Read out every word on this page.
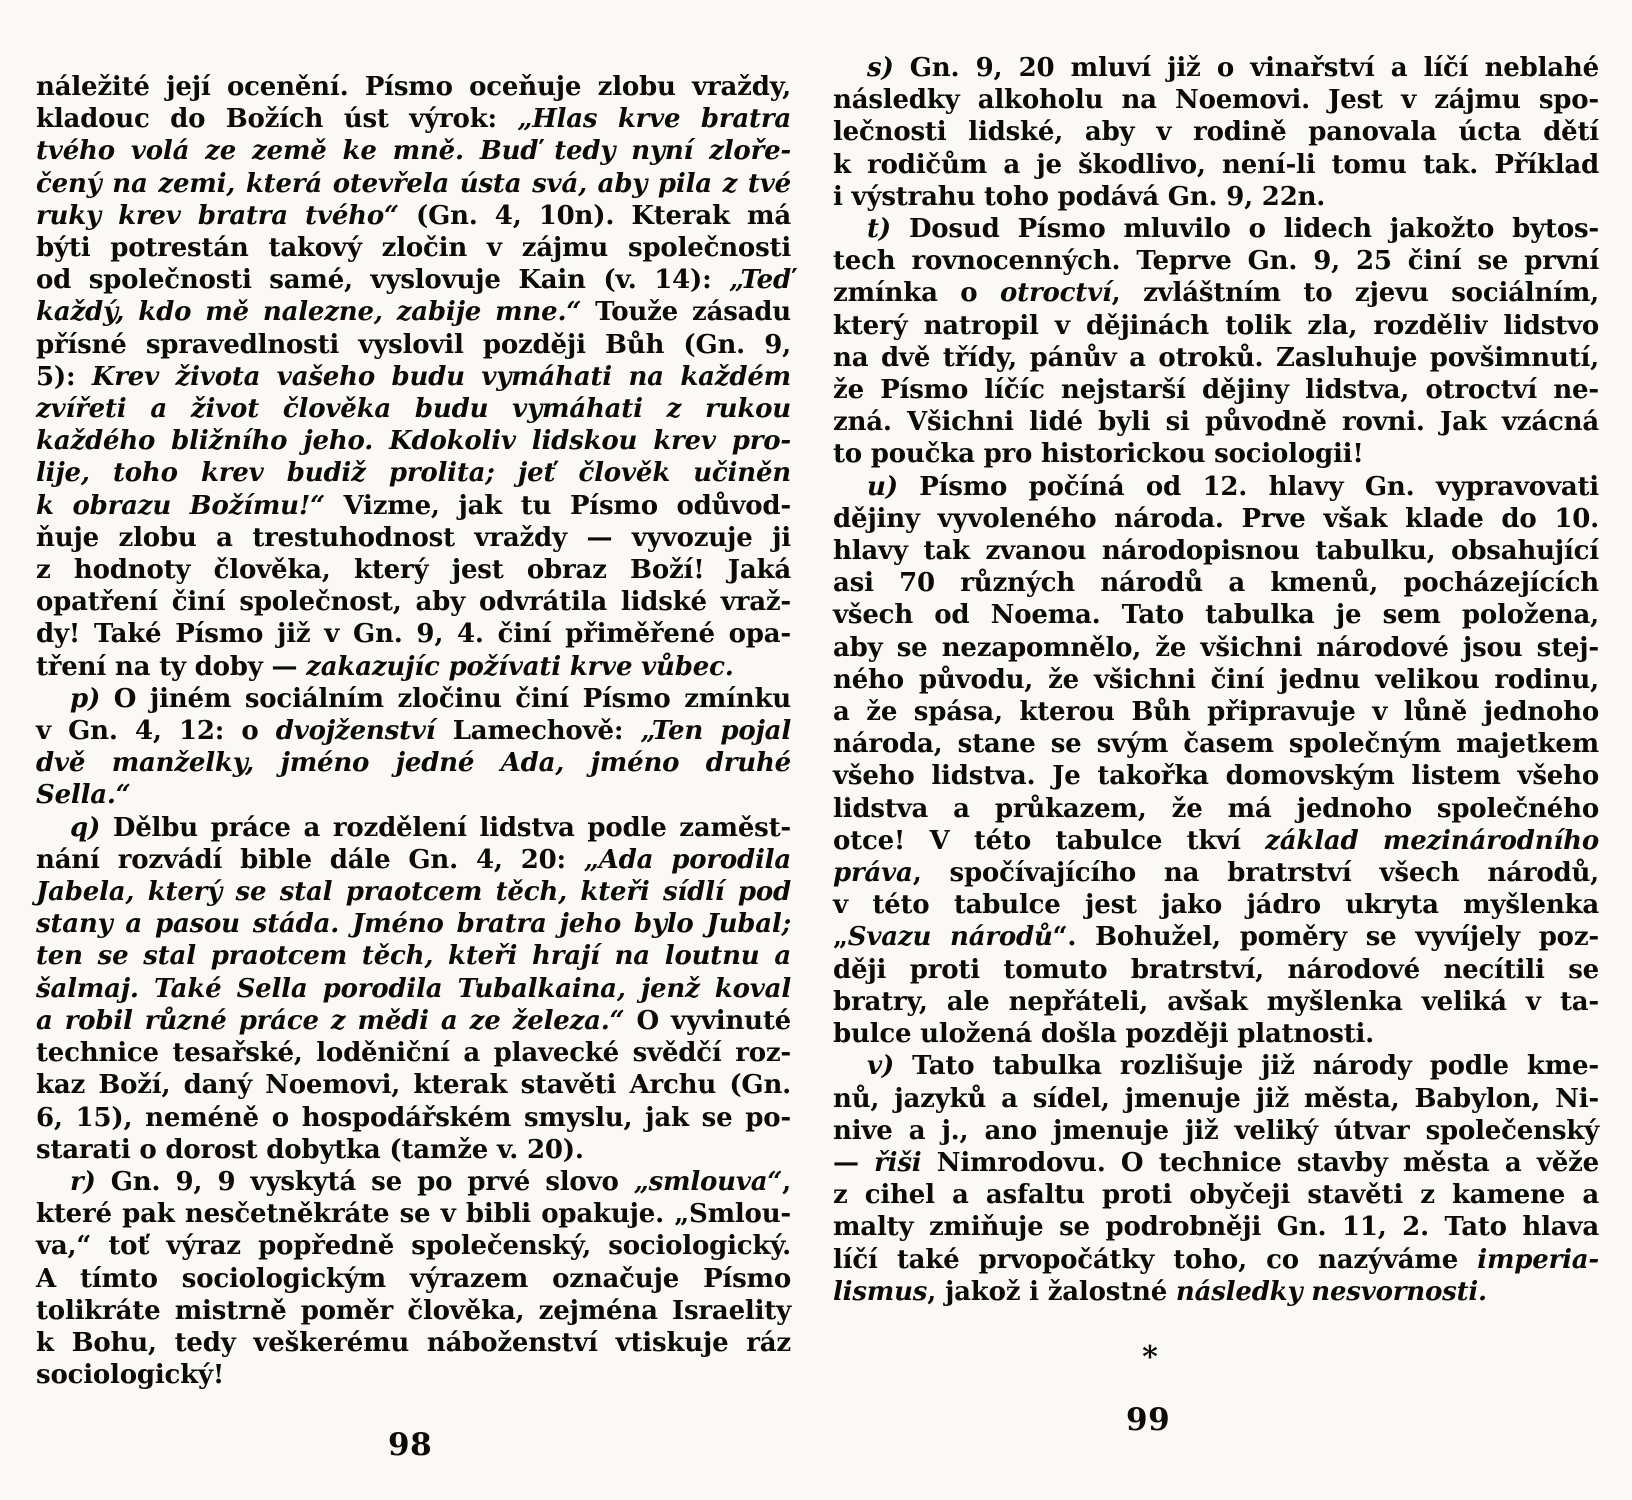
náležité její ocenění. Písmo oceňuje zlobu vraždy,
kladouc do Božích úst výrok: „Hlas krve bratra
tvého volá ze země ke mně. Buď tedy nyní zloře-
čený na zemi, která otevřela ústa svá, aby pila z tvé
ruky krev bratra tvého“ (Gn. 4, 10n). Kterak má
býti potrestán takový zločin v zájmu společnosti
od společnosti samé, vyslovuje Kain (v. 14): „Teď
každý, kdo mě nalezne, zabije mne.“ Touže zásadu
přísné spravedlnosti vyslovil později Bůh (Gn. 9,
5): Krev života vašeho budu vymáhati na každém
zvířeti a život člověka budu vymáhati z rukou
každého bližního jeho. Kdokoliv lidskou krev pro-
lije, toho krev budiž prolita; jeť člověk učiněn
k obrazu Božímu!“ Vizme, jak tu Písmo odůvod-
ňuje zlobu a trestuhodnost vraždy — vyvozuje ji
z hodnoty člověka, který jest obraz Boží! Jaká
opatření činí společnost, aby odvrátila lidské vraž-
dy! Také Písmo již v Gn. 9, 4. činí přiměřené opa-
tření na ty doby — zakazujíc požívati krve vůbec.
p) O jiném sociálním zločinu činí Písmo zmínku
v Gn. 4, 12: o dvojženství Lamechově: „Ten pojal
dvě manželky, jméno jedné Ada, jméno druhé
Sella.“
q) Dělbu práce a rozdělení lidstva podle zaměst-
nání rozvádí bible dále Gn. 4, 20: „Ada porodila
Jabela, který se stal praotcem těch, kteři sídlí pod
stany a pasou stáda. Jméno bratra jeho bylo Jubal;
ten se stal praotcem těch, kteři hrají na loutnu a
šalmaj. Také Sella porodila Tubalkaina, jenž koval
a robil různé práce z mědi a ze železa.“ O vyvinuté
technice tesařské, loděniční a plavecké svědčí roz-
kaz Boží, daný Noemovi, kterak stavěti Archu (Gn.
6, 15), neméně o hospodářském smyslu, jak se po-
starati o dorost dobytka (tamže v. 20).
r) Gn. 9, 9 vyskytá se po prvé slovo „smlouva“,
které pak nesčetněkráte se v bibli opakuje. „Smlou-
va,“ toť výraz popředně společenský, sociologický.
A tímto sociologickým výrazem označuje Písmo
tolikráte mistrně poměr člověka, zejména Israelity
k Bohu, tedy veškerému náboženství vtiskuje ráz
sociologický!
s) Gn. 9, 20 mluví již o vinařství a líčí neblahé
následky alkoholu na Noemovi. Jest v zájmu spo-
lečnosti lidské, aby v rodině panovala úcta dětí
k rodičům a je škodlivo, není-li tomu tak. Příklad
i výstrahu toho podává Gn. 9, 22n.
t) Dosud Písmo mluvilo o lidech jakožto bytos-
tech rovnocenných. Teprve Gn. 9, 25 činí se první
zmínka o otroctví, zvláštním to zjevu sociálním,
který natropil v dějinách tolik zla, rozděliv lidstvo
na dvě třídy, pánův a otroků. Zasluhuje povšimnutí,
že Písmo líčíc nejstarší dějiny lidstva, otroctví ne-
zná. Všichni lidé byli si původně rovni. Jak vzácná
to poučka pro historickou sociologii!
u) Písmo počíná od 12. hlavy Gn. vypravovati
dějiny vyvoleného národa. Prve však klade do 10.
hlavy tak zvanou národopisnou tabulku, obsahující
asi 70 různých národů a kmenů, pocházejících
všech od Noema. Tato tabulka je sem položena,
aby se nezapomnělo, že všichni národové jsou stej-
ného původu, že všichni činí jednu velikou rodinu,
a že spása, kterou Bůh připravuje v lůně jednoho
národa, stane se svým časem společným majetkem
všeho lidstva. Je takořka domovským listem všeho
lidstva a průkazem, že má jednoho společného
otce! V této tabulce tkví základ mezinárodního
práva, spočívajícího na bratrství všech národů,
v této tabulce jest jako jádro ukryta myšlenka
„Svazu národů“. Bohužel, poměry se vyvíjely poz-
ději proti tomuto bratrství, národové necítili se
bratry, ale nepřáteli, avšak myšlenka veliká v ta-
bulce uložená došla později platnosti.
v) Tato tabulka rozlišuje již národy podle kme-
nů, jazyků a sídel, jmenuje již města, Babylon, Ni-
nive a j., ano jmenuje již veliký útvar společenský
— řiši Nimrodovu. O technice stavby města a věže
z cihel a asfaltu proti obyčeji stavěti z kamene a
malty zmiňuje se podrobněji Gn. 11, 2. Tato hlava
líčí také prvopočátky toho, co nazýváme imperia-
lismus, jakož i žalostné následky nesvornosti.
*
98
99
